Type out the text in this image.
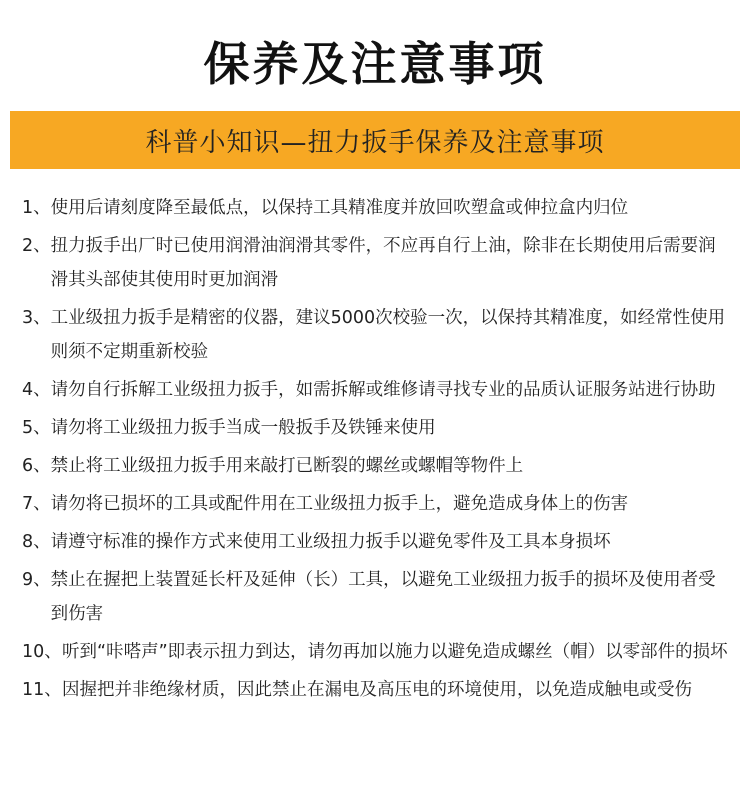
保养及注意事项
科普小知识—扭力扳手保养及注意事项
1、 使用后请刻度降至最低点，以保持工具精准度并放回吹塑盒或伸拉盒内归位
2、 扭力扳手出厂时已使用润滑油润滑其零件，不应再自行上油，除非在长期使用后需要润滑其头部使其使用时更加润滑
3、 工业级扭力扳手是精密的仪器，建议5000次校验一次，以保持其精准度，如经常性使用则须不定期重新校验
4、 请勿自行拆解工业级扭力扳手，如需拆解或维修请寻找专业的品质认证服务站进行协助
5、 请勿将工业级扭力扳手当成一般扳手及铁锤来使用
6、 禁止将工业级扭力扳手用来敲打已断裂的螺丝或螺帽等物件上
7、 请勿将已损坏的工具或配件用在工业级扭力扳手上，避免造成身体上的伤害
8、 请遵守标准的操作方式来使用工业级扭力扳手以避免零件及工具本身损坏
9、 禁止在握把上装置延长杆及延伸（长）工具，以避免工业级扭力扳手的损坏及使用者受到伤害
10、 听到“咔嗒声”即表示扭力到达，请勿再加以施力以避免造成螺丝（帽）以零部件的损坏
11、 因握把并非绝缘材质，因此禁止在漏电及高压电的环境使用，以免造成触电或受伤
